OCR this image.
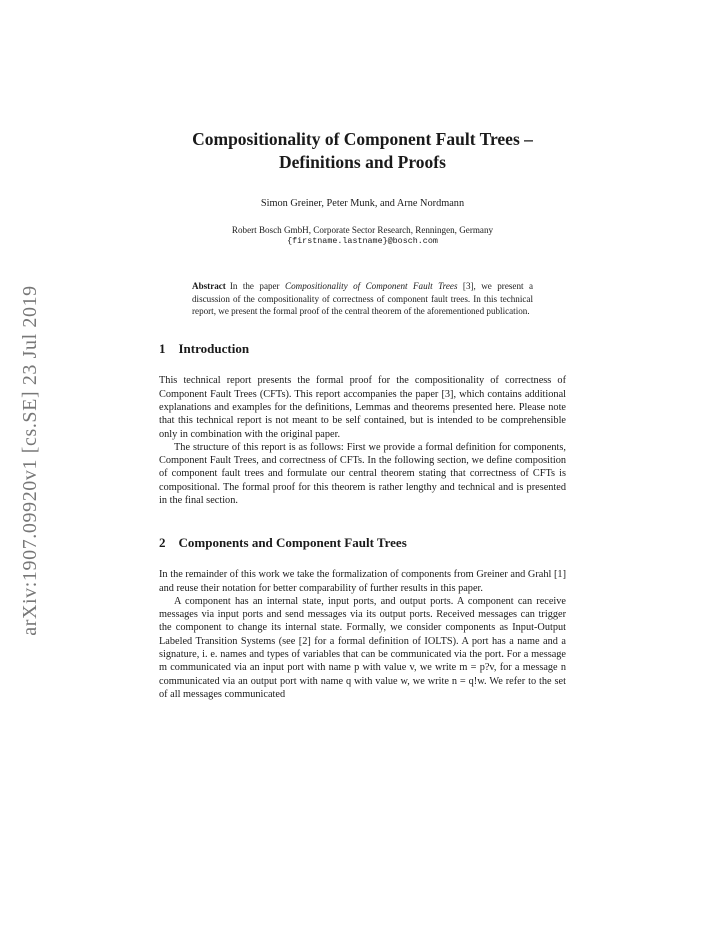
arXiv:1907.09920v1 [cs.SE] 23 Jul 2019
Compositionality of Component Fault Trees –
Definitions and Proofs

Simon Greiner, Peter Munk, and Arne Nordmann

Robert Bosch GmbH, Corporate Sector Research, Renningen, Germany

{firstname.lastname}@bosch.com

Abstract In the paper Compositionality of Component Fault Trees [3], we present a discussion of the compositionality of correctness of component fault trees. In this technical report, we present the formal proof of the central theorem of the aforementioned publication.
1 Introduction

This technical report presents the formal proof for the compositionality of correctness of Component Fault Trees (CFTs). This report accompanies the paper [3], which contains additional explanations and examples for the definitions, Lemmas and theorems presented here. Please note that this technical report is not meant to be self contained, but is intended to be comprehensible only in combination with the original paper.

The structure of this report is as follows: First we provide a formal definition for components, Component Fault Trees, and correctness of CFTs. In the following section, we define composition of component fault trees and formulate our central theorem stating that correctness of CFTs is compositional. The formal proof for this theorem is rather lengthy and technical and is presented in the final section.

2 Components and Component Fault Trees

In the remainder of this work we take the formalization of components from Greiner and Grahl [1] and reuse their notation for better comparability of further results in this paper.

A component has an internal state, input ports, and output ports. A component can receive messages via input ports and send messages via its output ports. Received messages can trigger the component to change its internal state. Formally, we consider components as Input-Output Labeled Transition Systems (see [2] for a formal definition of IOLTS). A port has a name and a signature, i. e. names and types of variables that can be communicated via the port. For a message m communicated via an input port with name p with value v, we write m = p?v, for a message n communicated via an output port with name q with value w, we write n = q!w. We refer to the set of all messages communicated
